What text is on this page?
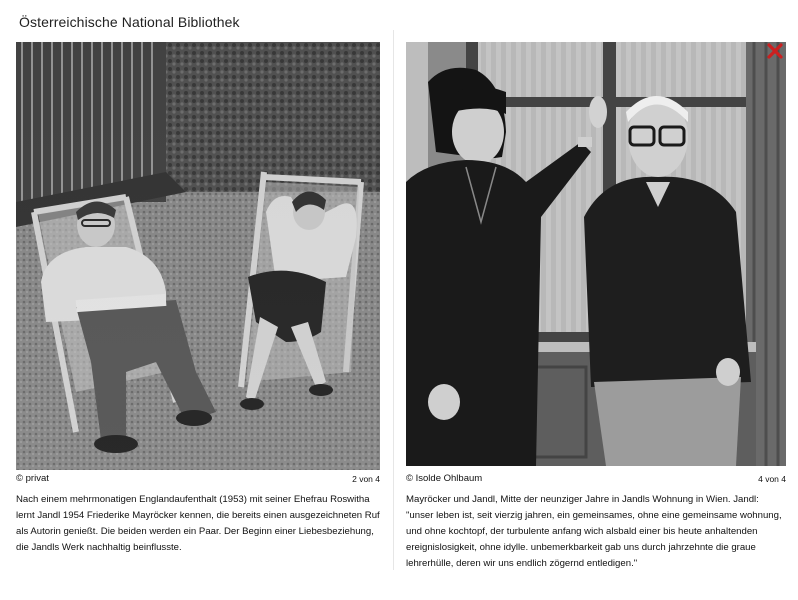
Österreichische National Bibliothek
© privat	2 von 4
Nach einem mehrmonatigen Englandaufenthalt (1953) mit seiner Ehefrau Roswitha lernt Jandl 1954 Friederike Mayröcker kennen, die bereits einen ausgezeichneten Ruf als Autorin genießt. Die beiden werden ein Paar. Der Beginn einer Liebesbeziehung, die Jandls Werk nachhaltig beinflusste.
© Isolde Ohlbaum	4 von 4
Mayröcker und Jandl, Mitte der neunziger Jahre in Jandls Wohnung in Wien. Jandl: "unser leben ist, seit vierzig jahren, ein gemeinsames, ohne eine gemeinsame wohnung, und ohne kochtopf, der turbulente anfang wich alsbald einer bis heute anhaltenden ereignislosigkeit, ohne idylle. unbemerkbarkeit gab uns durch jahrzehnte die graue lehrerhülle, deren wir uns endlich zögernd entledigen."
